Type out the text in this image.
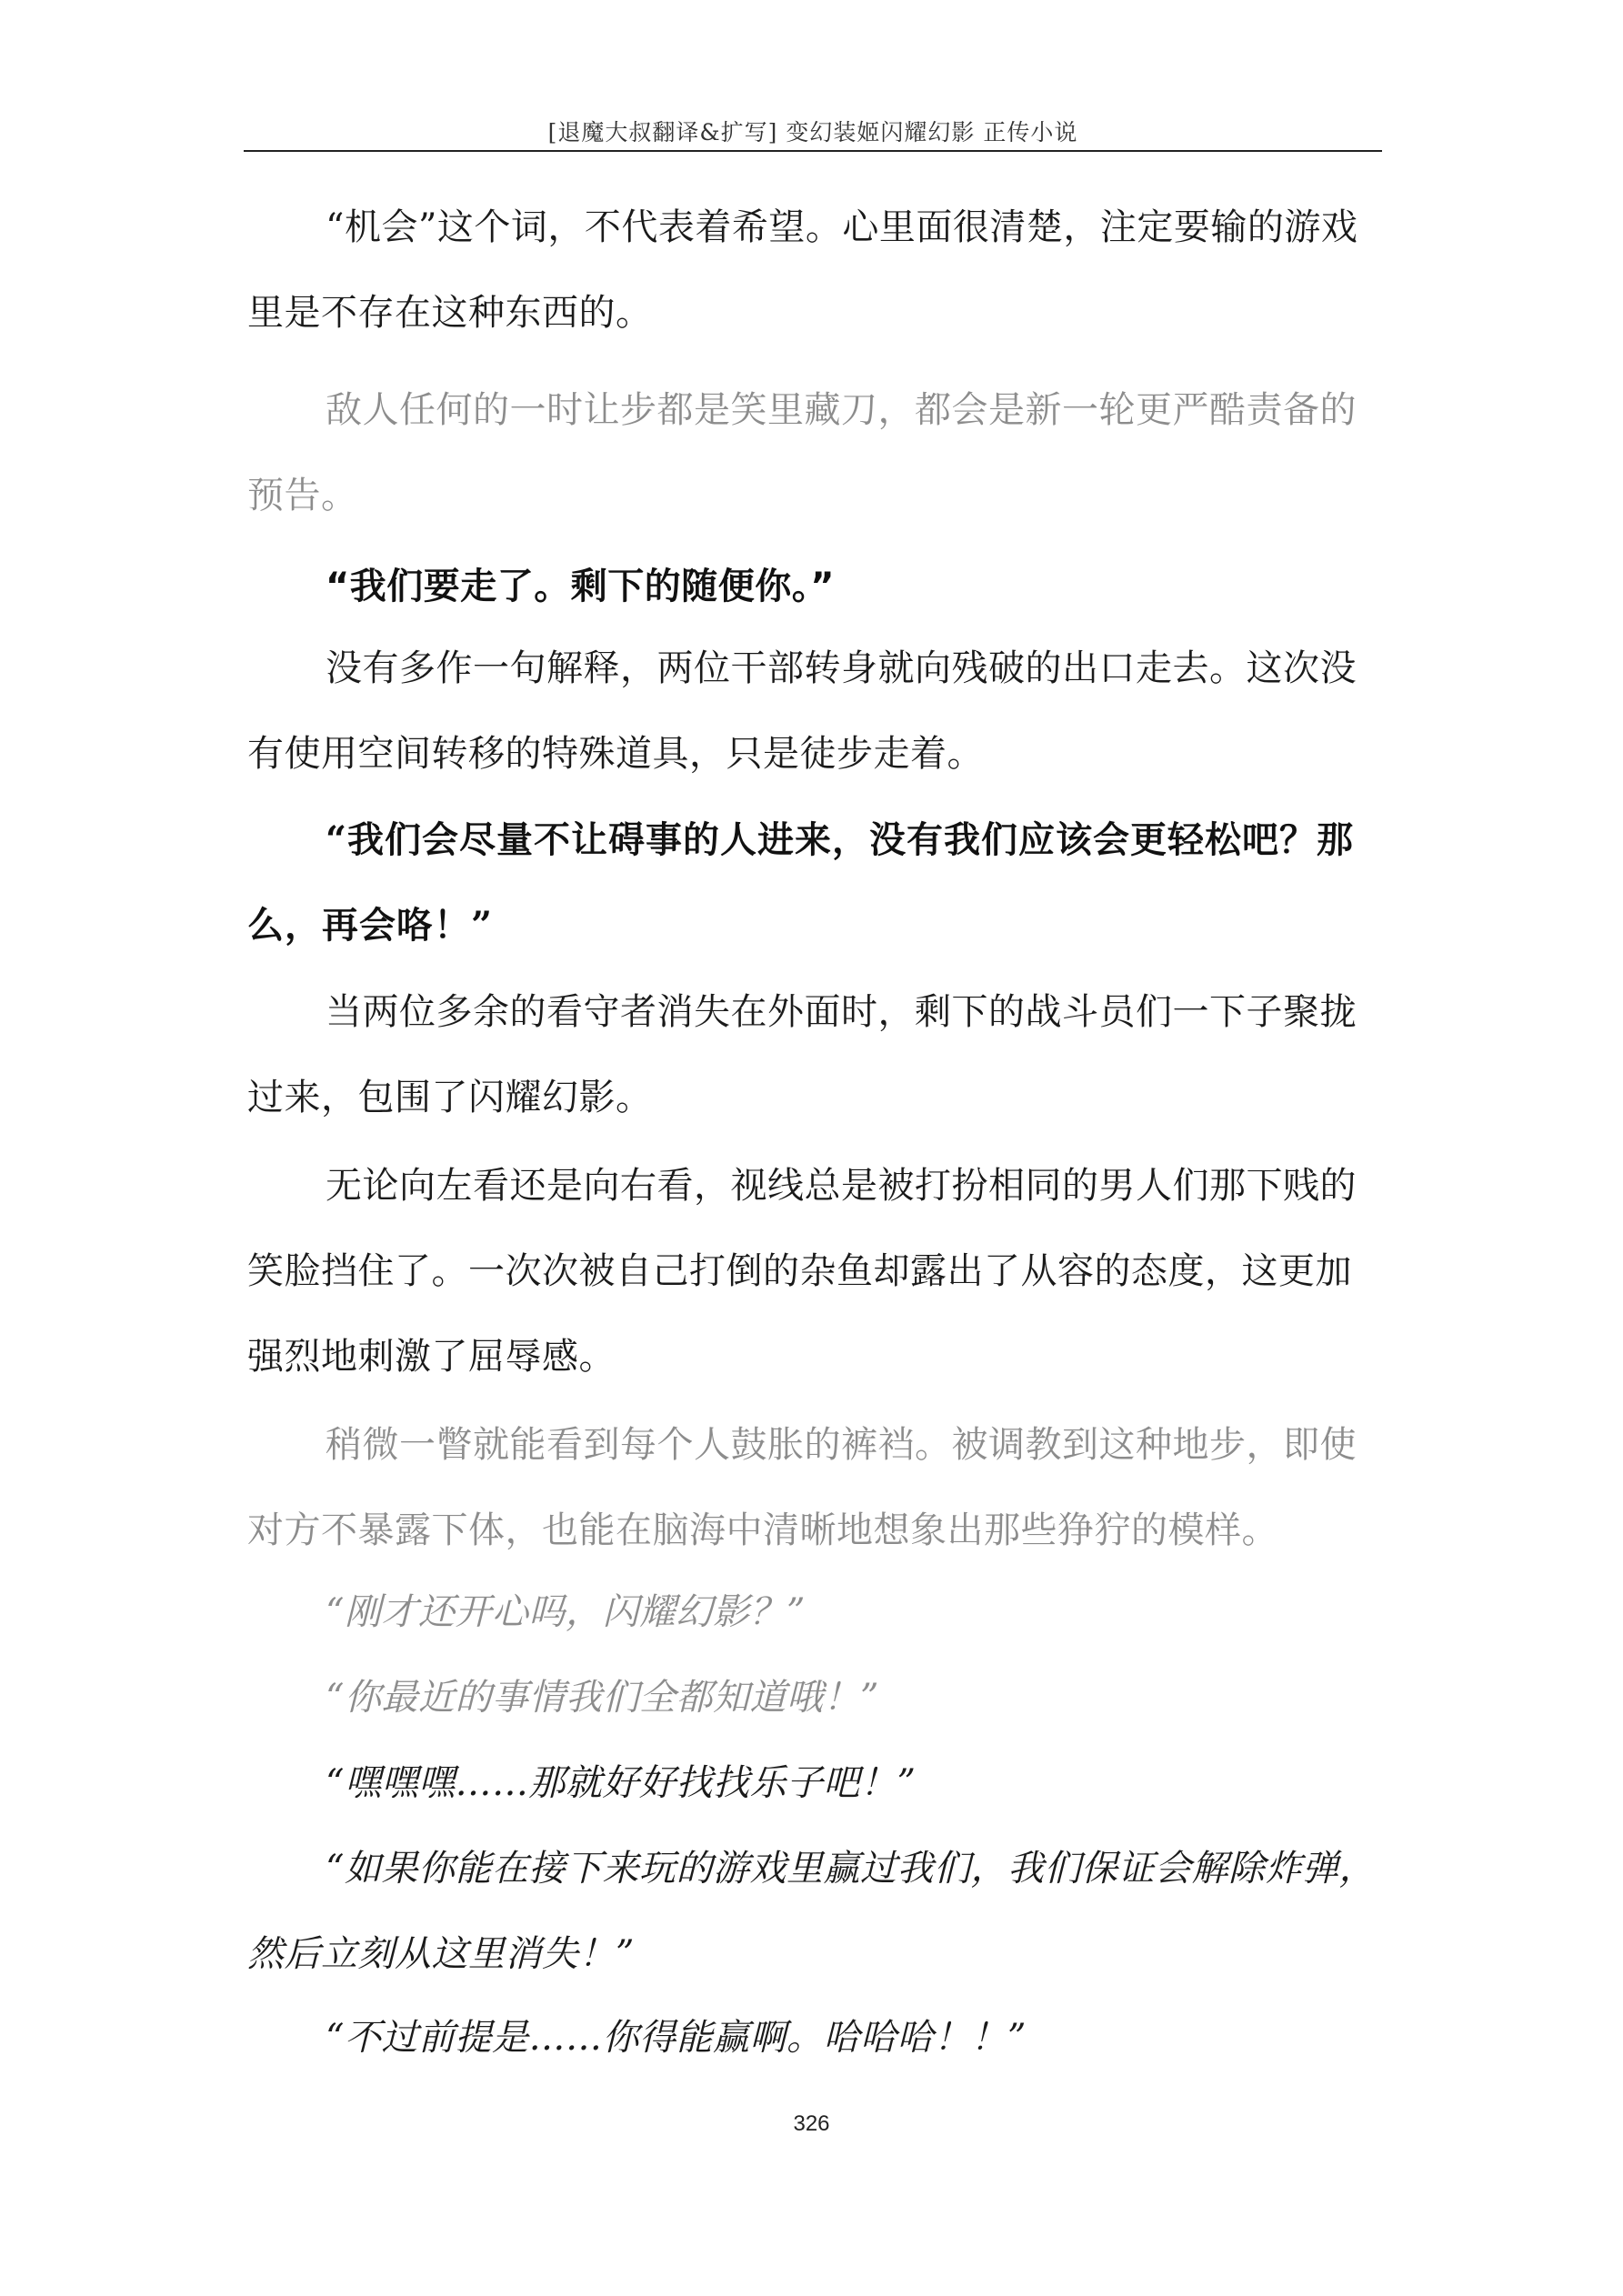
[退魔大叔翻译&扩写] 变幻装姬闪耀幻影 正传小说

“机会”这个词，不代表着希望。心里面很清楚，注定要输的游戏里是不存在这种东西的。

敌人任何的一时让步都是笑里藏刀，都会是新一轮更严酷责备的预告。

“我们要走了。剩下的随便你。”

没有多作一句解释，两位干部转身就向残破的出口走去。这次没有使用空间转移的特殊道具，只是徒步走着。

“我们会尽量不让碍事的人进来，没有我们应该会更轻松吧？那么，再会咯！”

当两位多余的看守者消失在外面时，剩下的战斗员们一下子聚拢过来，包围了闪耀幻影。

无论向左看还是向右看，视线总是被打扮相同的男人们那下贱的笑脸挡住了。一次次被自己打倒的杂鱼却露出了从容的态度，这更加强烈地刺激了屈辱感。

稍微一瞥就能看到每个人鼓胀的裤裆。被调教到这种地步，即使对方不暴露下体，也能在脑海中清晰地想象出那些狰狞的模样。

“刚才还开心吗，闪耀幻影？”

“你最近的事情我们全都知道哦！”

“嘿嘿嘿……那就好好找找乐子吧！”

“如果你能在接下来玩的游戏里赢过我们，我们保证会解除炸弹，然后立刻从这里消失！”

“不过前提是……你得能赢啊。哈哈哈！！”

326
